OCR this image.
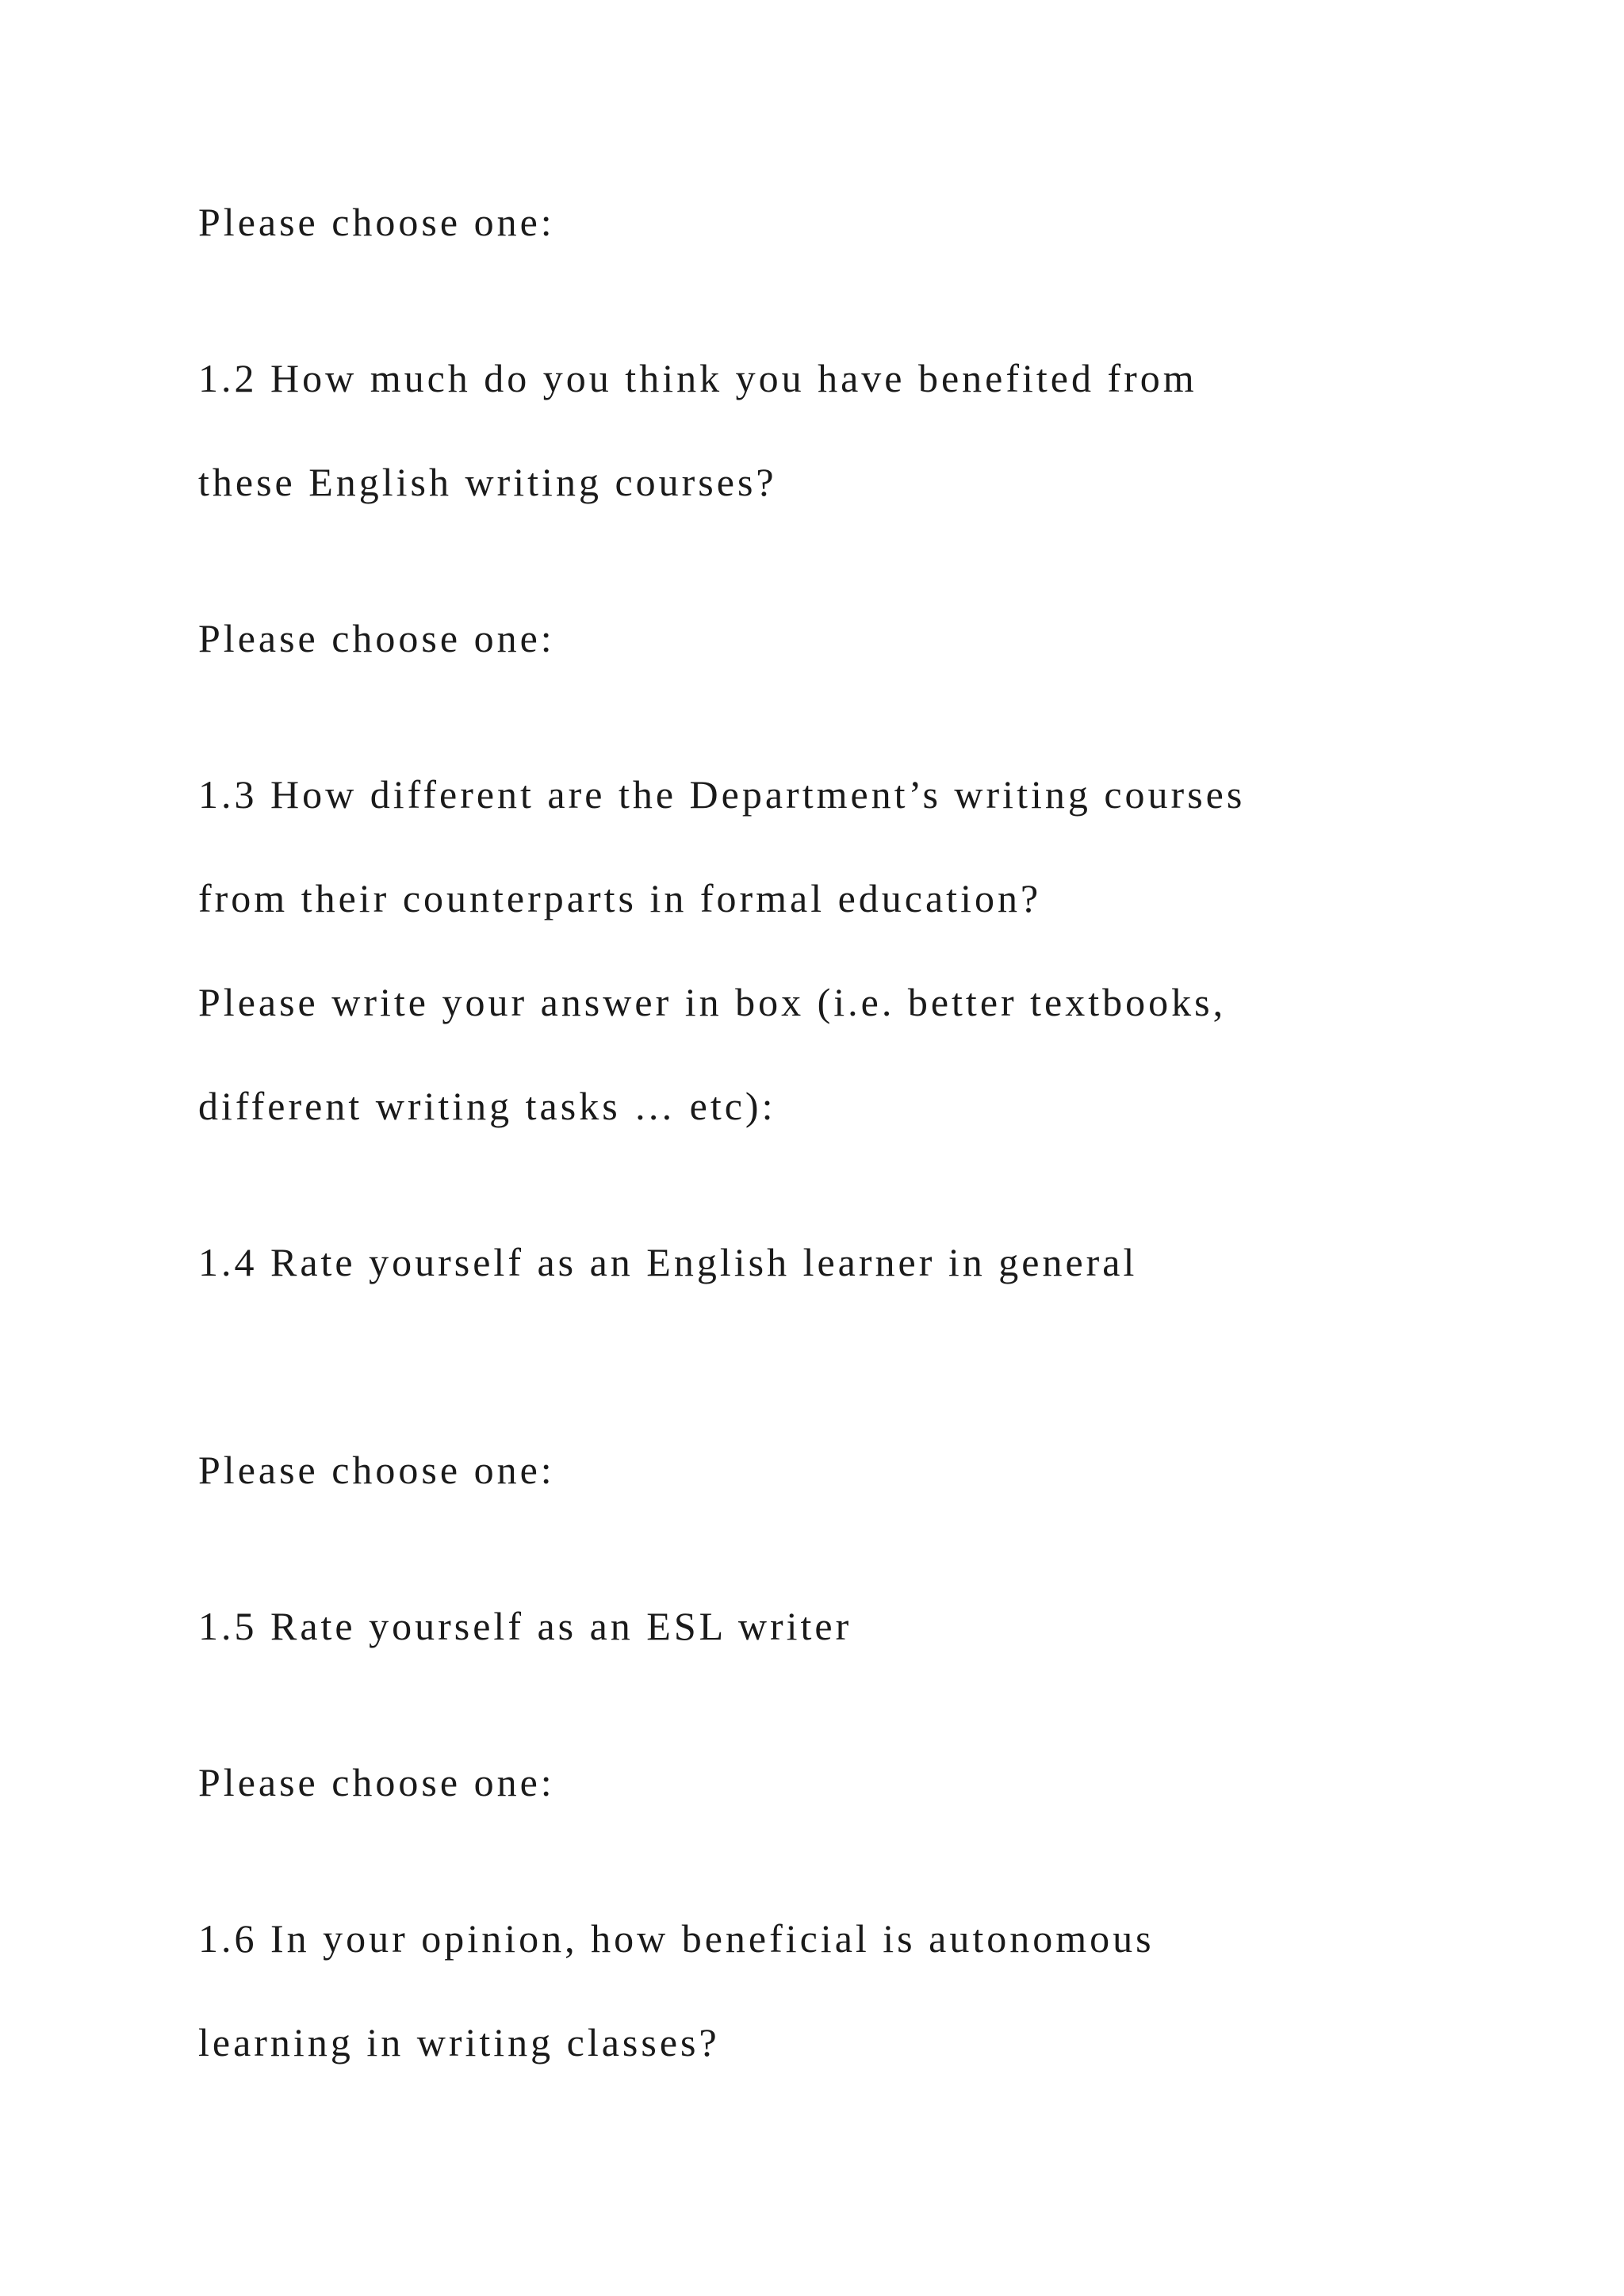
Please choose one:

1.2 How much do you think you have benefited from

these English writing courses?

Please choose one:

1.3 How different are the Department’s writing courses

from their counterparts in formal education?

Please write your answer in box (i.e. better textbooks,

different writing tasks … etc):

1.4 Rate yourself as an English learner in general

Please choose one:

1.5 Rate yourself as an ESL writer

Please choose one:

1.6 In your opinion, how beneficial is autonomous

learning in writing classes?
